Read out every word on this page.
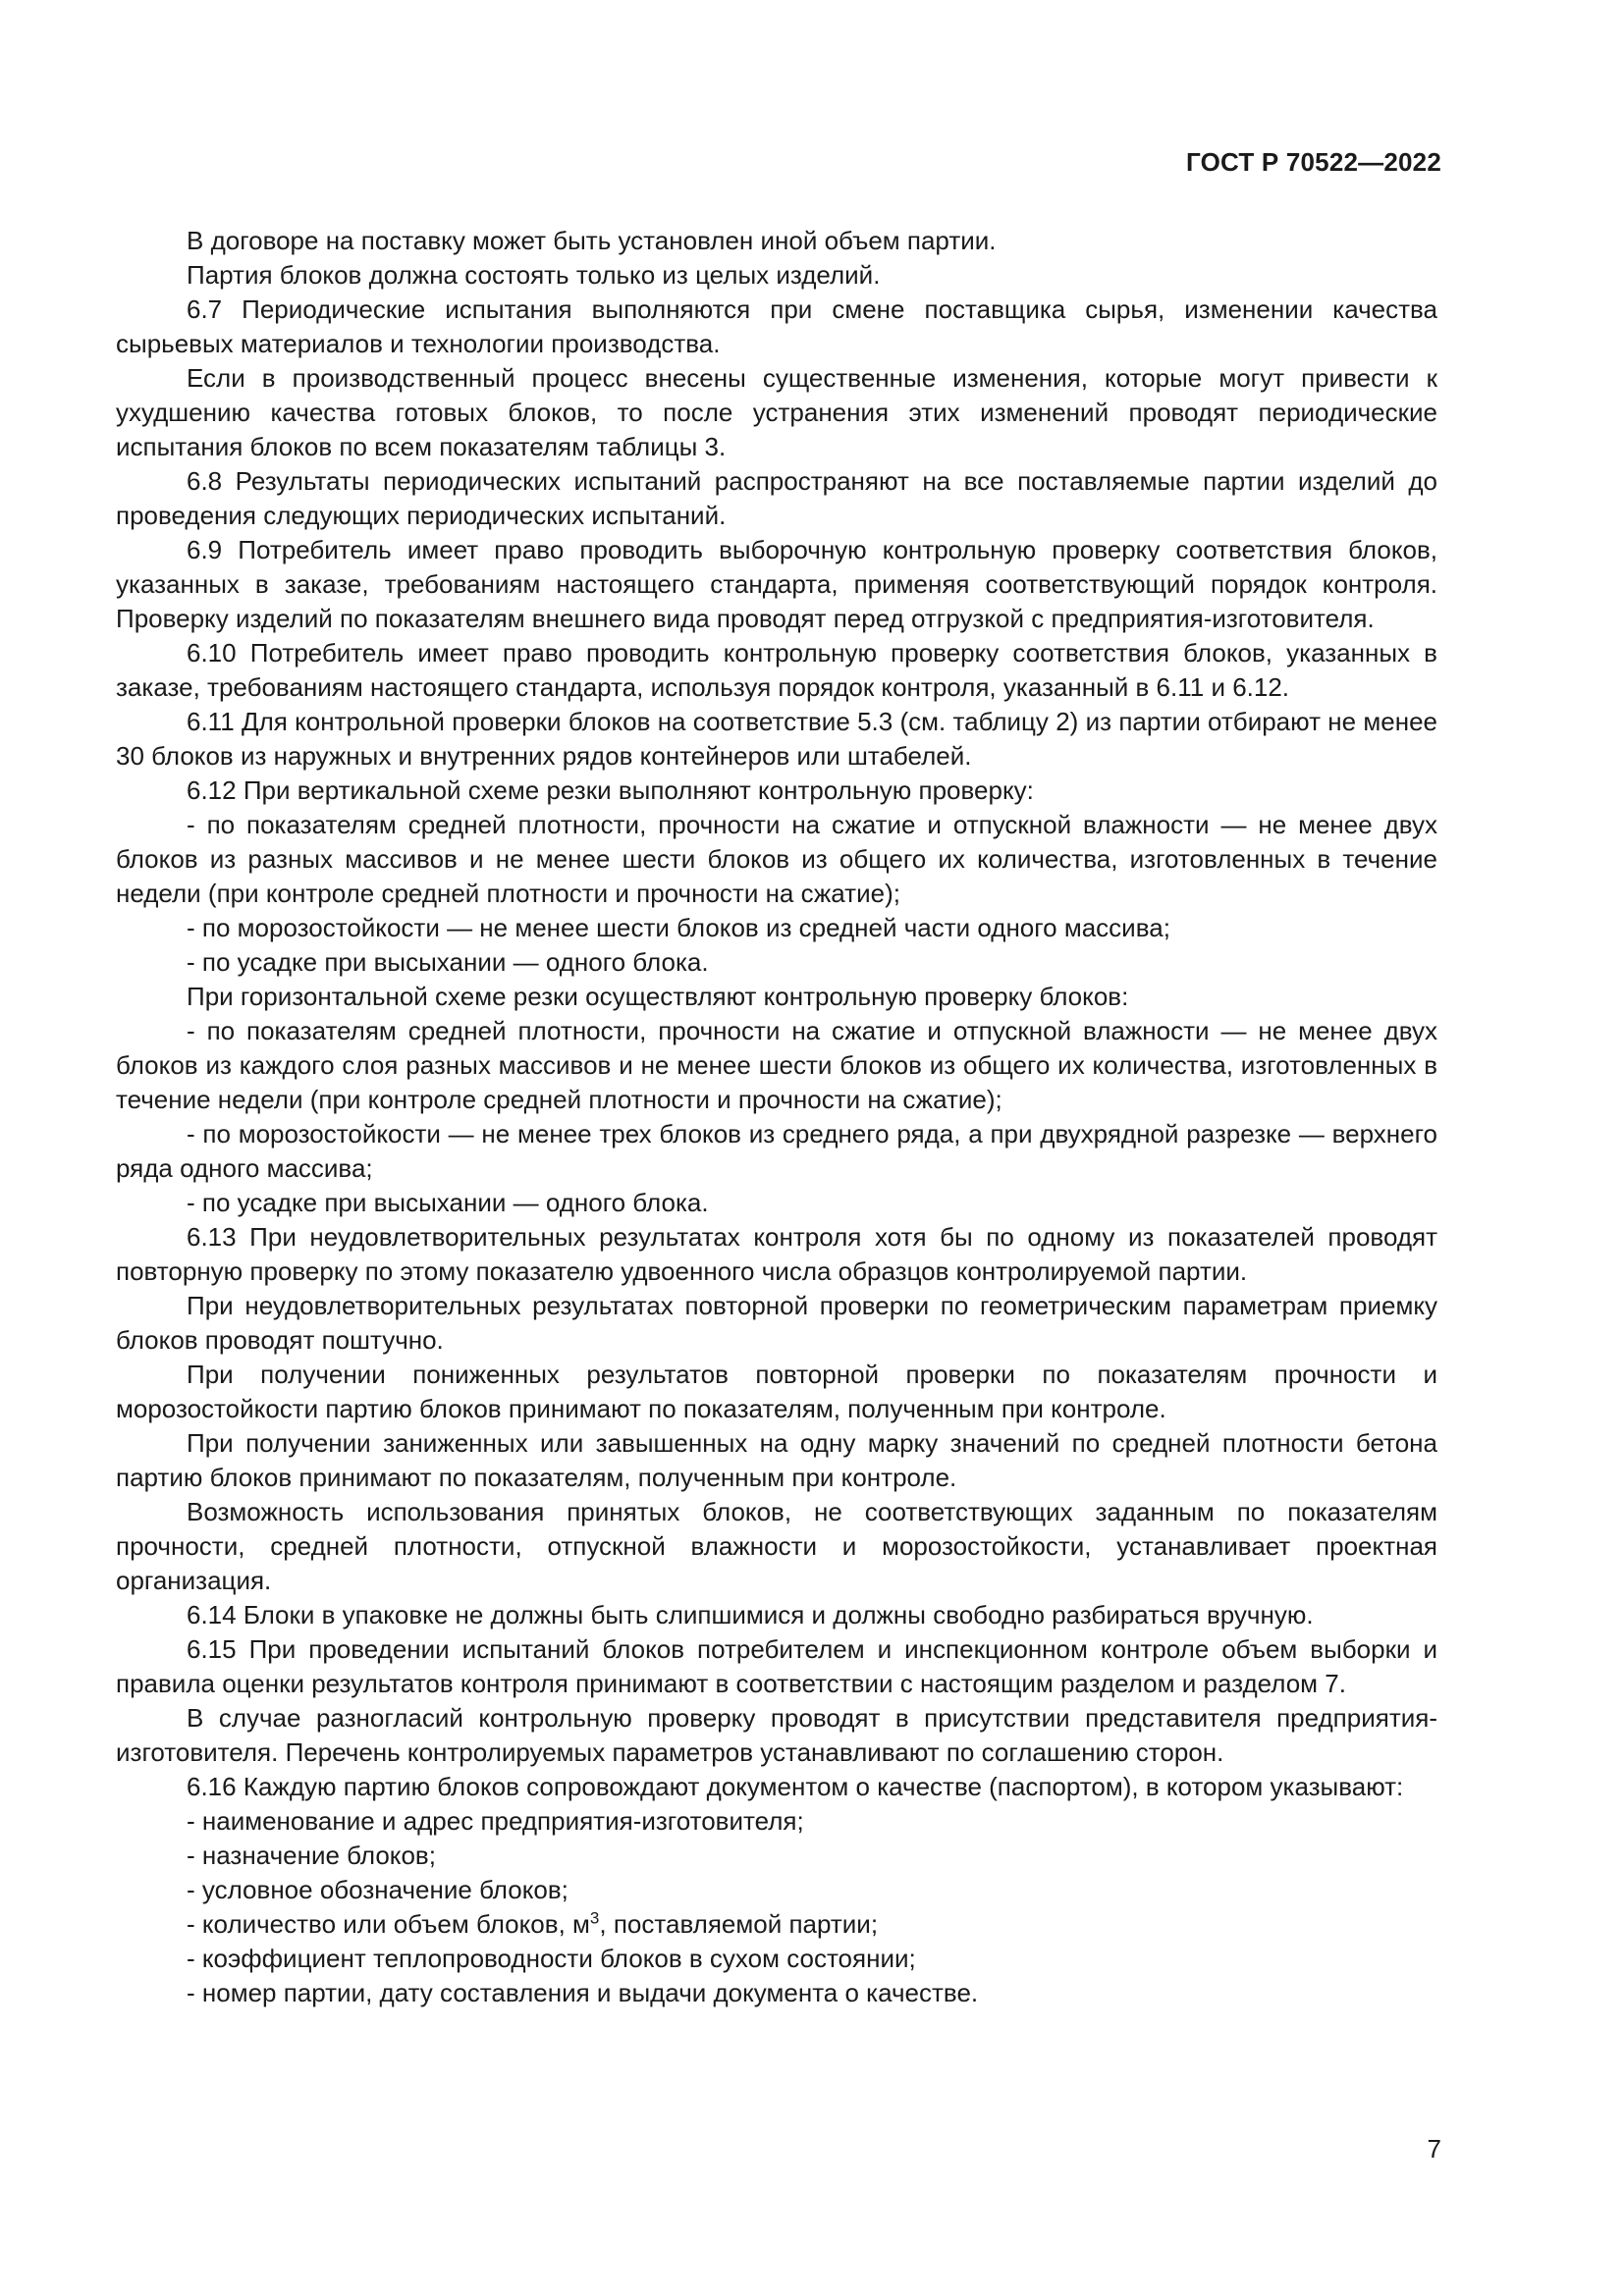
ГОСТ Р 70522—2022

В договоре на поставку может быть установлен иной объем партии.

Партия блоков должна состоять только из целых изделий.

6.7 Периодические испытания выполняются при смене поставщика сырья, изменении качества сырьевых материалов и технологии производства.

Если в производственный процесс внесены существенные изменения, которые могут привести к ухудшению качества готовых блоков, то после устранения этих изменений проводят периодические испытания блоков по всем показателям таблицы 3.

6.8 Результаты периодических испытаний распространяют на все поставляемые партии изделий до проведения следующих периодических испытаний.

6.9 Потребитель имеет право проводить выборочную контрольную проверку соответствия блоков, указанных в заказе, требованиям настоящего стандарта, применяя соответствующий порядок контроля. Проверку изделий по показателям внешнего вида проводят перед отгрузкой с предприятия-изготовителя.

6.10 Потребитель имеет право проводить контрольную проверку соответствия блоков, указанных в заказе, требованиям настоящего стандарта, используя порядок контроля, указанный в 6.11 и 6.12.

6.11 Для контрольной проверки блоков на соответствие 5.3 (см. таблицу 2) из партии отбирают не менее 30 блоков из наружных и внутренних рядов контейнеров или штабелей.

6.12 При вертикальной схеме резки выполняют контрольную проверку:

- по показателям средней плотности, прочности на сжатие и отпускной влажности — не менее двух блоков из разных массивов и не менее шести блоков из общего их количества, изготовленных в течение недели (при контроле средней плотности и прочности на сжатие);

- по морозостойкости — не менее шести блоков из средней части одного массива;

- по усадке при высыхании — одного блока.

При горизонтальной схеме резки осуществляют контрольную проверку блоков:

- по показателям средней плотности, прочности на сжатие и отпускной влажности — не менее двух блоков из каждого слоя разных массивов и не менее шести блоков из общего их количества, изготовленных в течение недели (при контроле средней плотности и прочности на сжатие);

- по морозостойкости — не менее трех блоков из среднего ряда, а при двухрядной разрезке — верхнего ряда одного массива;

- по усадке при высыхании — одного блока.

6.13 При неудовлетворительных результатах контроля хотя бы по одному из показателей проводят повторную проверку по этому показателю удвоенного числа образцов контролируемой партии.

При неудовлетворительных результатах повторной проверки по геометрическим параметрам приемку блоков проводят поштучно.

При получении пониженных результатов повторной проверки по показателям прочности и морозостойкости партию блоков принимают по показателям, полученным при контроле.

При получении заниженных или завышенных на одну марку значений по средней плотности бетона партию блоков принимают по показателям, полученным при контроле.

Возможность использования принятых блоков, не соответствующих заданным по показателям прочности, средней плотности, отпускной влажности и морозостойкости, устанавливает проектная организация.

6.14 Блоки в упаковке не должны быть слипшимися и должны свободно разбираться вручную.

6.15 При проведении испытаний блоков потребителем и инспекционном контроле объем выборки и правила оценки результатов контроля принимают в соответствии с настоящим разделом и разделом 7.

В случае разногласий контрольную проверку проводят в присутствии представителя предприятия-изготовителя. Перечень контролируемых параметров устанавливают по соглашению сторон.

6.16 Каждую партию блоков сопровождают документом о качестве (паспортом), в котором указывают:

- наименование и адрес предприятия-изготовителя;

- назначение блоков;

- условное обозначение блоков;

- количество или объем блоков, $м^3$, поставляемой партии;

- коэффициент теплопроводности блоков в сухом состоянии;

- номер партии, дату составления и выдачи документа о качестве.

7
